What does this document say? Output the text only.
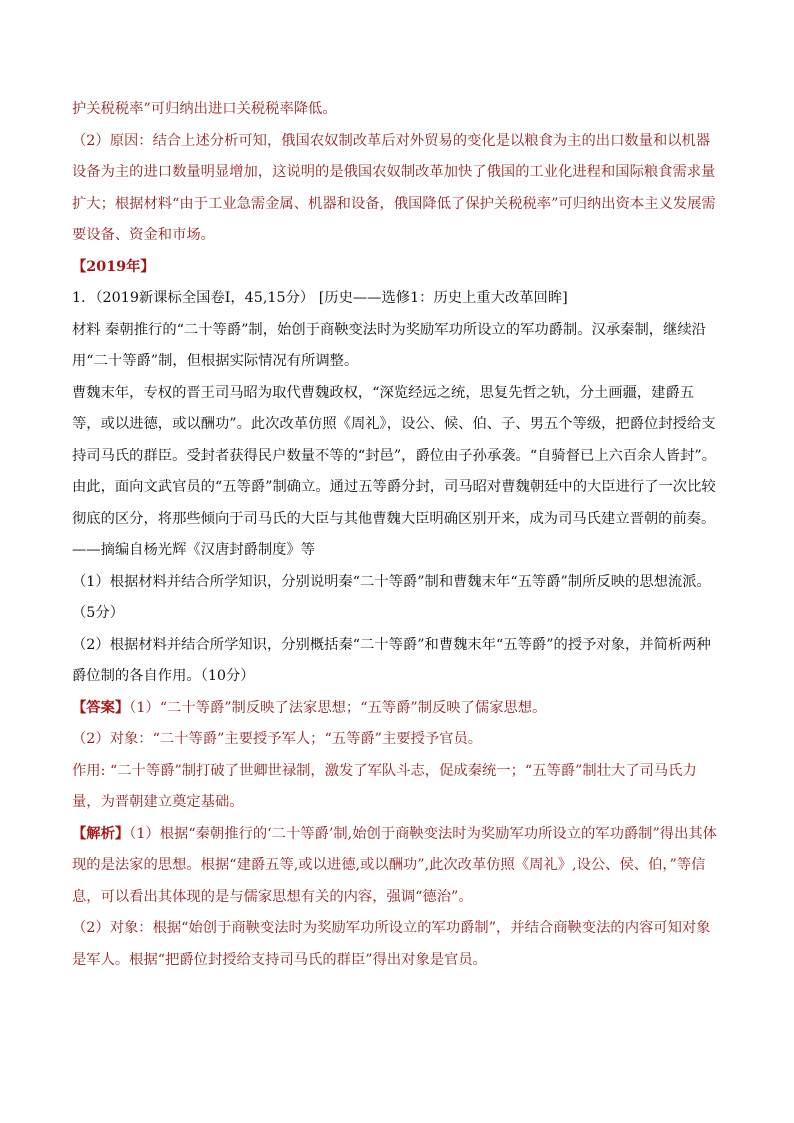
护关税税率”可归纳出进口关税税率降低。

（2）原因：结合上述分析可知，俄国农奴制改革后对外贸易的变化是以粮食为主的出口数量和以机器设备为主的进口数量明显增加，这说明的是俄国农奴制改革加快了俄国的工业化进程和国际粮食需求量扩大；根据材料“由于工业急需金属、机器和设备，俄国降低了保护关税税率”可归纳出资本主义发展需要设备、资金和市场。

【2019年】

1．（2019新课标全国卷Ⅰ，45,15分） [历史——选修1：历史上重大改革回眸]

材料 秦朝推行的“二十等爵”制，始创于商鞅变法时为奖励军功所设立的军功爵制。汉承秦制，继续沿用“二十等爵”制，但根据实际情况有所调整。

曹魏末年，专权的晋王司马昭为取代曹魏政权，“深览经远之统，思复先哲之轨，分土画疆，建爵五等，或以进德，或以酬功”。此次改革仿照《周礼》，设公、候、伯、子、男五个等级，把爵位封授给支持司马氏的群臣。受封者获得民户数量不等的“封邑”，爵位由子孙承袭。“自骑督已上六百余人皆封”。由此，面向文武官员的“五等爵”制确立。通过五等爵分封，司马昭对曹魏朝廷中的大臣进行了一次比较彻底的区分，将那些倾向于司马氏的大臣与其他曹魏大臣明确区别开来，成为司马氏建立晋朝的前奏。

——摘编自杨光辉《汉唐封爵制度》等

（1）根据材料并结合所学知识，分别说明秦“二十等爵”制和曹魏末年“五等爵”制所反映的思想流派。（5分）

（2）根据材料并结合所学知识，分别概括秦“二十等爵”和曹魏末年“五等爵”的授予对象，并简析两种爵位制的各自作用。（10分）

【答案】（1）“二十等爵”制反映了法家思想；“五等爵”制反映了儒家思想。

（2）对象：“二十等爵”主要授予军人；“五等爵”主要授予官员。

作用: “二十等爵”制打破了世卿世禄制，激发了军队斗志，促成秦统一；“五等爵”制壮大了司马氏力量，为晋朝建立奠定基础。

【解析】（1）根据“秦朝推行的‘二十等爵’制,始创于商鞅变法时为奖励军功所设立的军功爵制”得出其体现的是法家的思想。根据“建爵五等,或以进德,或以酬功”,此次改革仿照《周礼》,设公、侯、伯，”等信息，可以看出其体现的是与儒家思想有关的内容，强调“德治”。

（2）对象：根据“始创于商鞅变法时为奖励军功所设立的军功爵制”，并结合商鞅变法的内容可知对象是军人。根据“把爵位封授给支持司马氏的群臣”得出对象是官员。
